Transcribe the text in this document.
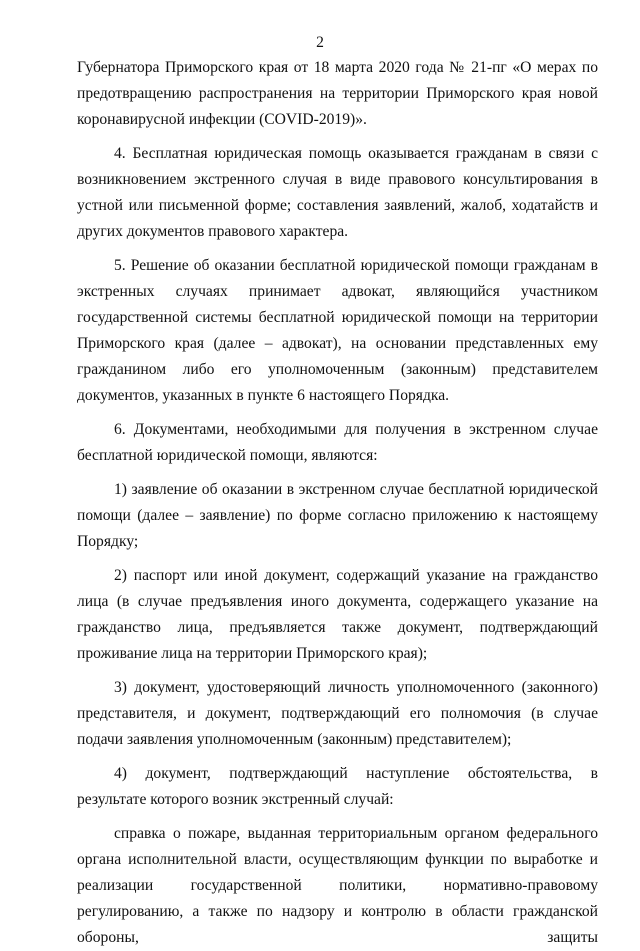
2

Губернатора Приморского края от 18 марта 2020 года № 21-пг «О мерах по предотвращению распространения на территории Приморского края новой коронавирусной инфекции (COVID-2019)».

4. Бесплатная юридическая помощь оказывается гражданам в связи с возникновением экстренного случая в виде правового консультирования в устной или письменной форме; составления заявлений, жалоб, ходатайств и других документов правового характера.

5. Решение об оказании бесплатной юридической помощи гражданам в экстренных случаях принимает адвокат, являющийся участником государственной системы бесплатной юридической помощи на территории Приморского края (далее – адвокат), на основании представленных ему гражданином либо его уполномоченным (законным) представителем документов, указанных в пункте 6 настоящего Порядка.

6. Документами, необходимыми для получения в экстренном случае бесплатной юридической помощи, являются:

1) заявление об оказании в экстренном случае бесплатной юридической помощи (далее – заявление) по форме согласно приложению к настоящему Порядку;

2) паспорт или иной документ, содержащий указание на гражданство лица (в случае предъявления иного документа, содержащего указание на гражданство лица, предъявляется также документ, подтверждающий проживание лица на территории Приморского края);

3) документ, удостоверяющий личность уполномоченного (законного) представителя, и документ, подтверждающий его полномочия (в случае подачи заявления уполномоченным (законным) представителем);

4) документ, подтверждающий наступление обстоятельства, в результате которого возник экстренный случай:

справка о пожаре, выданная территориальным органом федерального органа исполнительной власти, осуществляющим функции по выработке и реализации государственной политики, нормативно-правовому регулированию, а также по надзору и контролю в области гражданской обороны, защиты
